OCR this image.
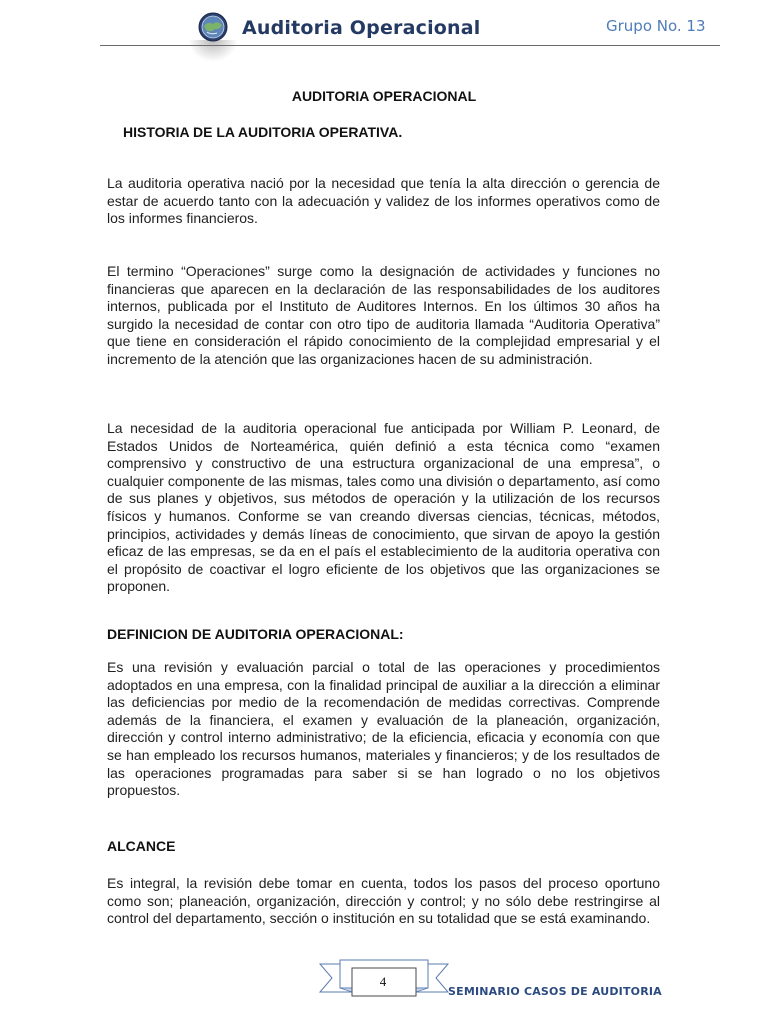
Auditoria Operacional	Grupo No. 13
AUDITORIA OPERACIONAL
HISTORIA DE LA AUDITORIA OPERATIVA.

La auditoria operativa nació por la necesidad que tenía la alta dirección o gerencia de estar de acuerdo tanto con la adecuación y validez de los informes operativos como de los informes financieros.

El termino “Operaciones” surge como la designación de actividades y funciones no financieras que aparecen en la declaración de las responsabilidades de los auditores internos, publicada por el Instituto de Auditores Internos. En los últimos 30 años ha surgido la necesidad de contar con otro tipo de auditoria llamada “Auditoria Operativa” que tiene en consideración el rápido conocimiento de la complejidad empresarial y el incremento de la atención que las organizaciones hacen de su administración.

La necesidad de la auditoria operacional fue anticipada por William P. Leonard, de Estados Unidos de Norteamérica, quién definió a esta técnica como “examen comprensivo y constructivo de una estructura organizacional de una empresa”, o cualquier componente de las mismas, tales como una división o departamento, así como de sus planes y objetivos, sus métodos de operación y la utilización de los recursos físicos y humanos. Conforme se van creando diversas ciencias, técnicas, métodos, principios, actividades y demás líneas de conocimiento, que sirvan de apoyo la gestión eficaz de las empresas, se da en el país el establecimiento de la auditoria operativa con el propósito de coactivar el logro eficiente de los objetivos que las organizaciones se proponen.

DEFINICION DE AUDITORIA OPERACIONAL:

Es una revisión y evaluación parcial o total de las operaciones y procedimientos adoptados en una empresa, con la finalidad principal de auxiliar a la dirección a eliminar las deficiencias por medio de la recomendación de medidas correctivas. Comprende además de la financiera, el examen y evaluación de la planeación, organización, dirección y control interno administrativo; de la eficiencia, eficacia y economía con que se han empleado los recursos humanos, materiales y financieros; y de los resultados de las operaciones programadas para saber si se han logrado o no los objetivos propuestos.

ALCANCE

Es integral, la revisión debe tomar en cuenta, todos los pasos del proceso oportuno como son; planeación, organización, dirección y control; y no sólo debe restringirse al control del departamento, sección o institución en su totalidad que se está examinando.

4
SEMINARIO CASOS DE AUDITORIA
